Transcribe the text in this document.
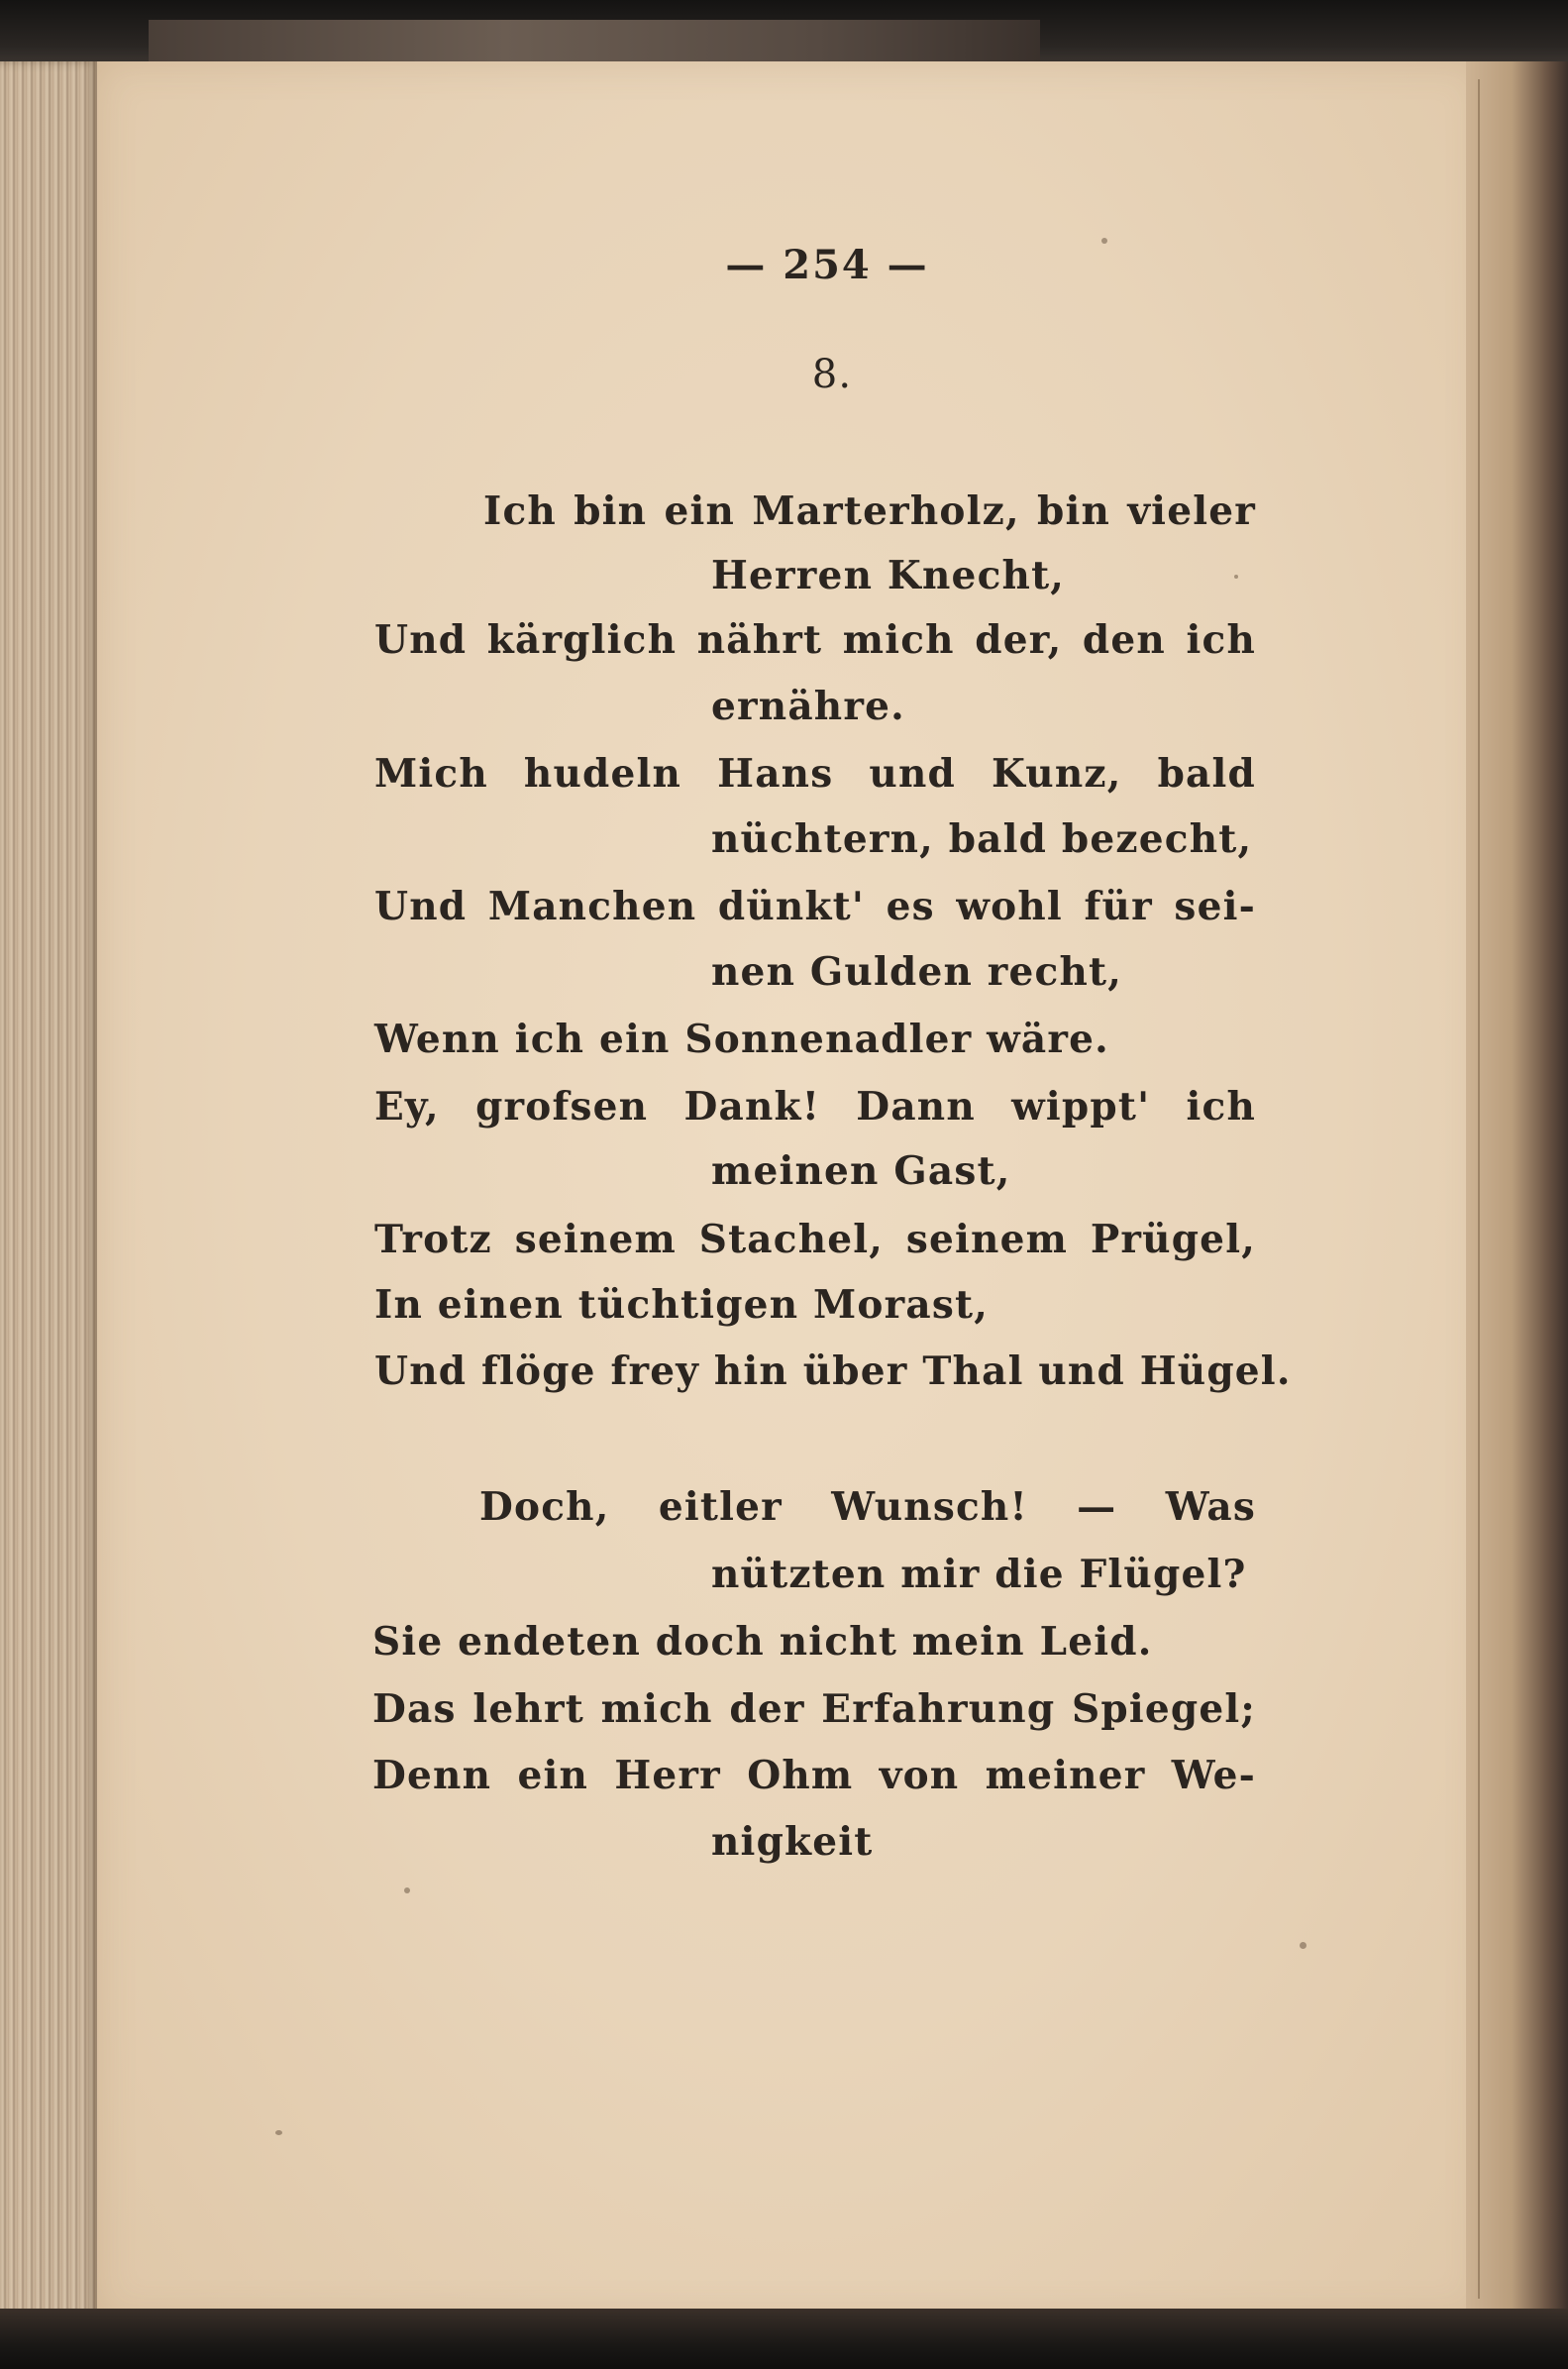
— 254 —
8.
Ich bin ein Marterholz, bin vieler
Herren Knecht,
Und kärglich nährt mich der, den ich
ernähre.
Mich hudeln Hans und Kunz, bald
nüchtern, bald bezecht,
Und Manchen dünkt' es wohl für sei-
nen Gulden recht,
Wenn ich ein Sonnenadler wäre.
Ey, grofsen Dank! Dann wippt' ich
meinen Gast,
Trotz seinem Stachel, seinem Prügel,
In einen tüchtigen Morast,
Und flöge frey hin über Thal und Hügel.
Doch, eitler Wunsch! — Was
nützten mir die Flügel?
Sie endeten doch nicht mein Leid.
Das lehrt mich der Erfahrung Spiegel;
Denn ein Herr Ohm von meiner We-
nigkeit
